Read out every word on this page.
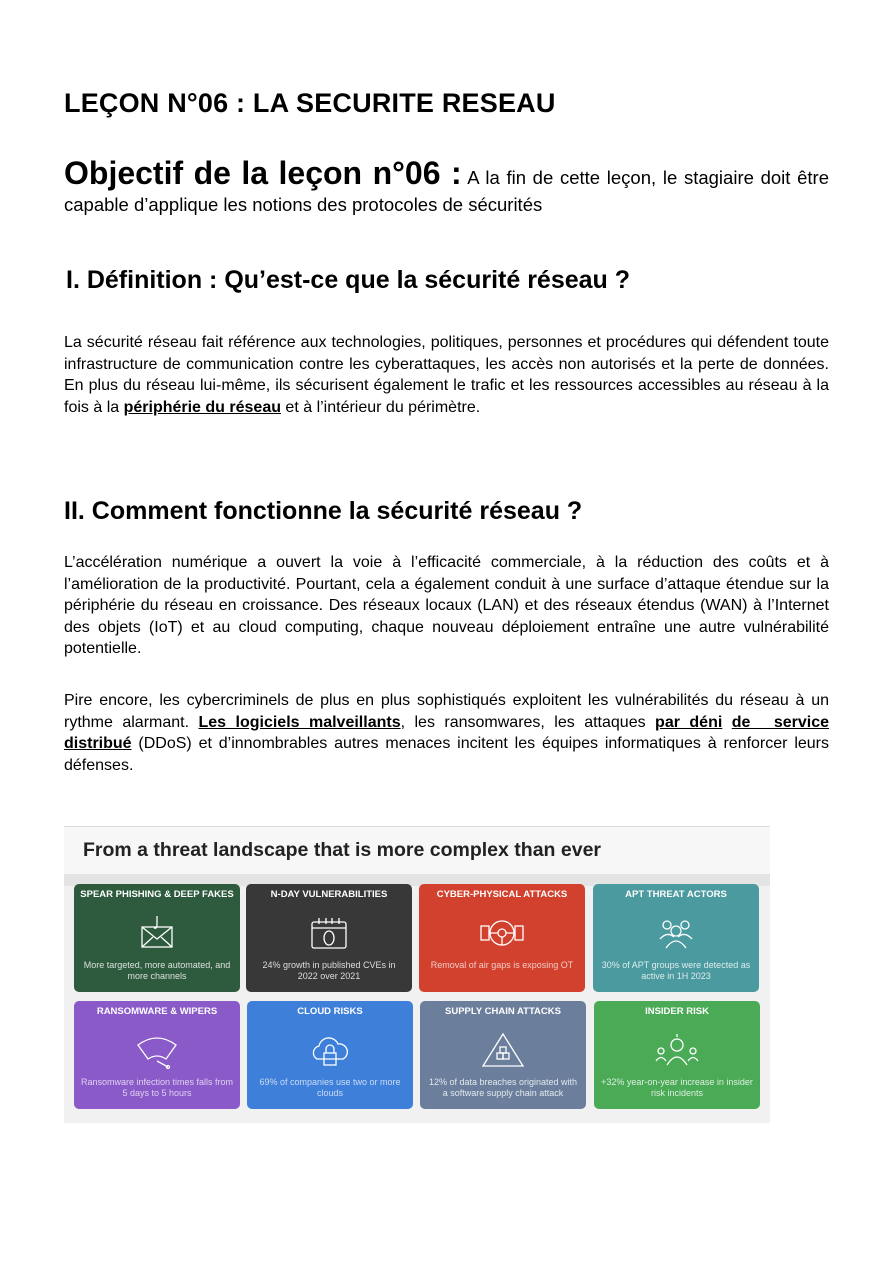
LEÇON N°06 : LA SECURITE RESEAU

Objectif de la leçon n°06 : A la fin de cette leçon, le stagiaire doit être capable d’applique les notions des protocoles de sécurités

I. Définition : Qu’est-ce que la sécurité réseau ?

La sécurité réseau fait référence aux technologies, politiques, personnes et procédures qui défendent toute infrastructure de communication contre les cyberattaques, les accès non autorisés et la perte de données. En plus du réseau lui-même, ils sécurisent également le trafic et les ressources accessibles au réseau à la fois à la périphérie du réseau et à l’intérieur du périmètre.

II. Comment fonctionne la sécurité réseau ?

L’accélération numérique a ouvert la voie à l’efficacité commerciale, à la réduction des coûts et à l’amélioration de la productivité. Pourtant, cela a également conduit à une surface d’attaque étendue sur la périphérie du réseau en croissance. Des réseaux locaux (LAN) et des réseaux étendus (WAN) à l’Internet des objets (IoT) et au cloud computing, chaque nouveau déploiement entraîne une autre vulnérabilité potentielle.

Pire encore, les cybercriminels de plus en plus sophistiqués exploitent les vulnérabilités du réseau à un rythme alarmant. Les logiciels malveillants, les ransomwares, les attaques par déni de service distribué (DDoS) et d’innombrables autres menaces incitent les équipes informatiques à renforcer leurs défenses.

From a threat landscape that is more complex than ever

SPEAR PHISHING & DEEP FAKES
More targeted, more automated, and more channels
N-DAY VULNERABILITIES
24% growth in published CVEs in 2022 over 2021
CYBER-PHYSICAL ATTACKS
Removal of air gaps is exposing OT
APT THREAT ACTORS
30% of APT groups were detected as active in 1H 2023
RANSOMWARE & WIPERS
Ransomware infection times falls from 5 days to 5 hours
CLOUD RISKS
69% of companies use two or more clouds
SUPPLY CHAIN ATTACKS
12% of data breaches originated with a software supply chain attack
INSIDER RISK
+32% year-on-year increase in insider risk incidents
